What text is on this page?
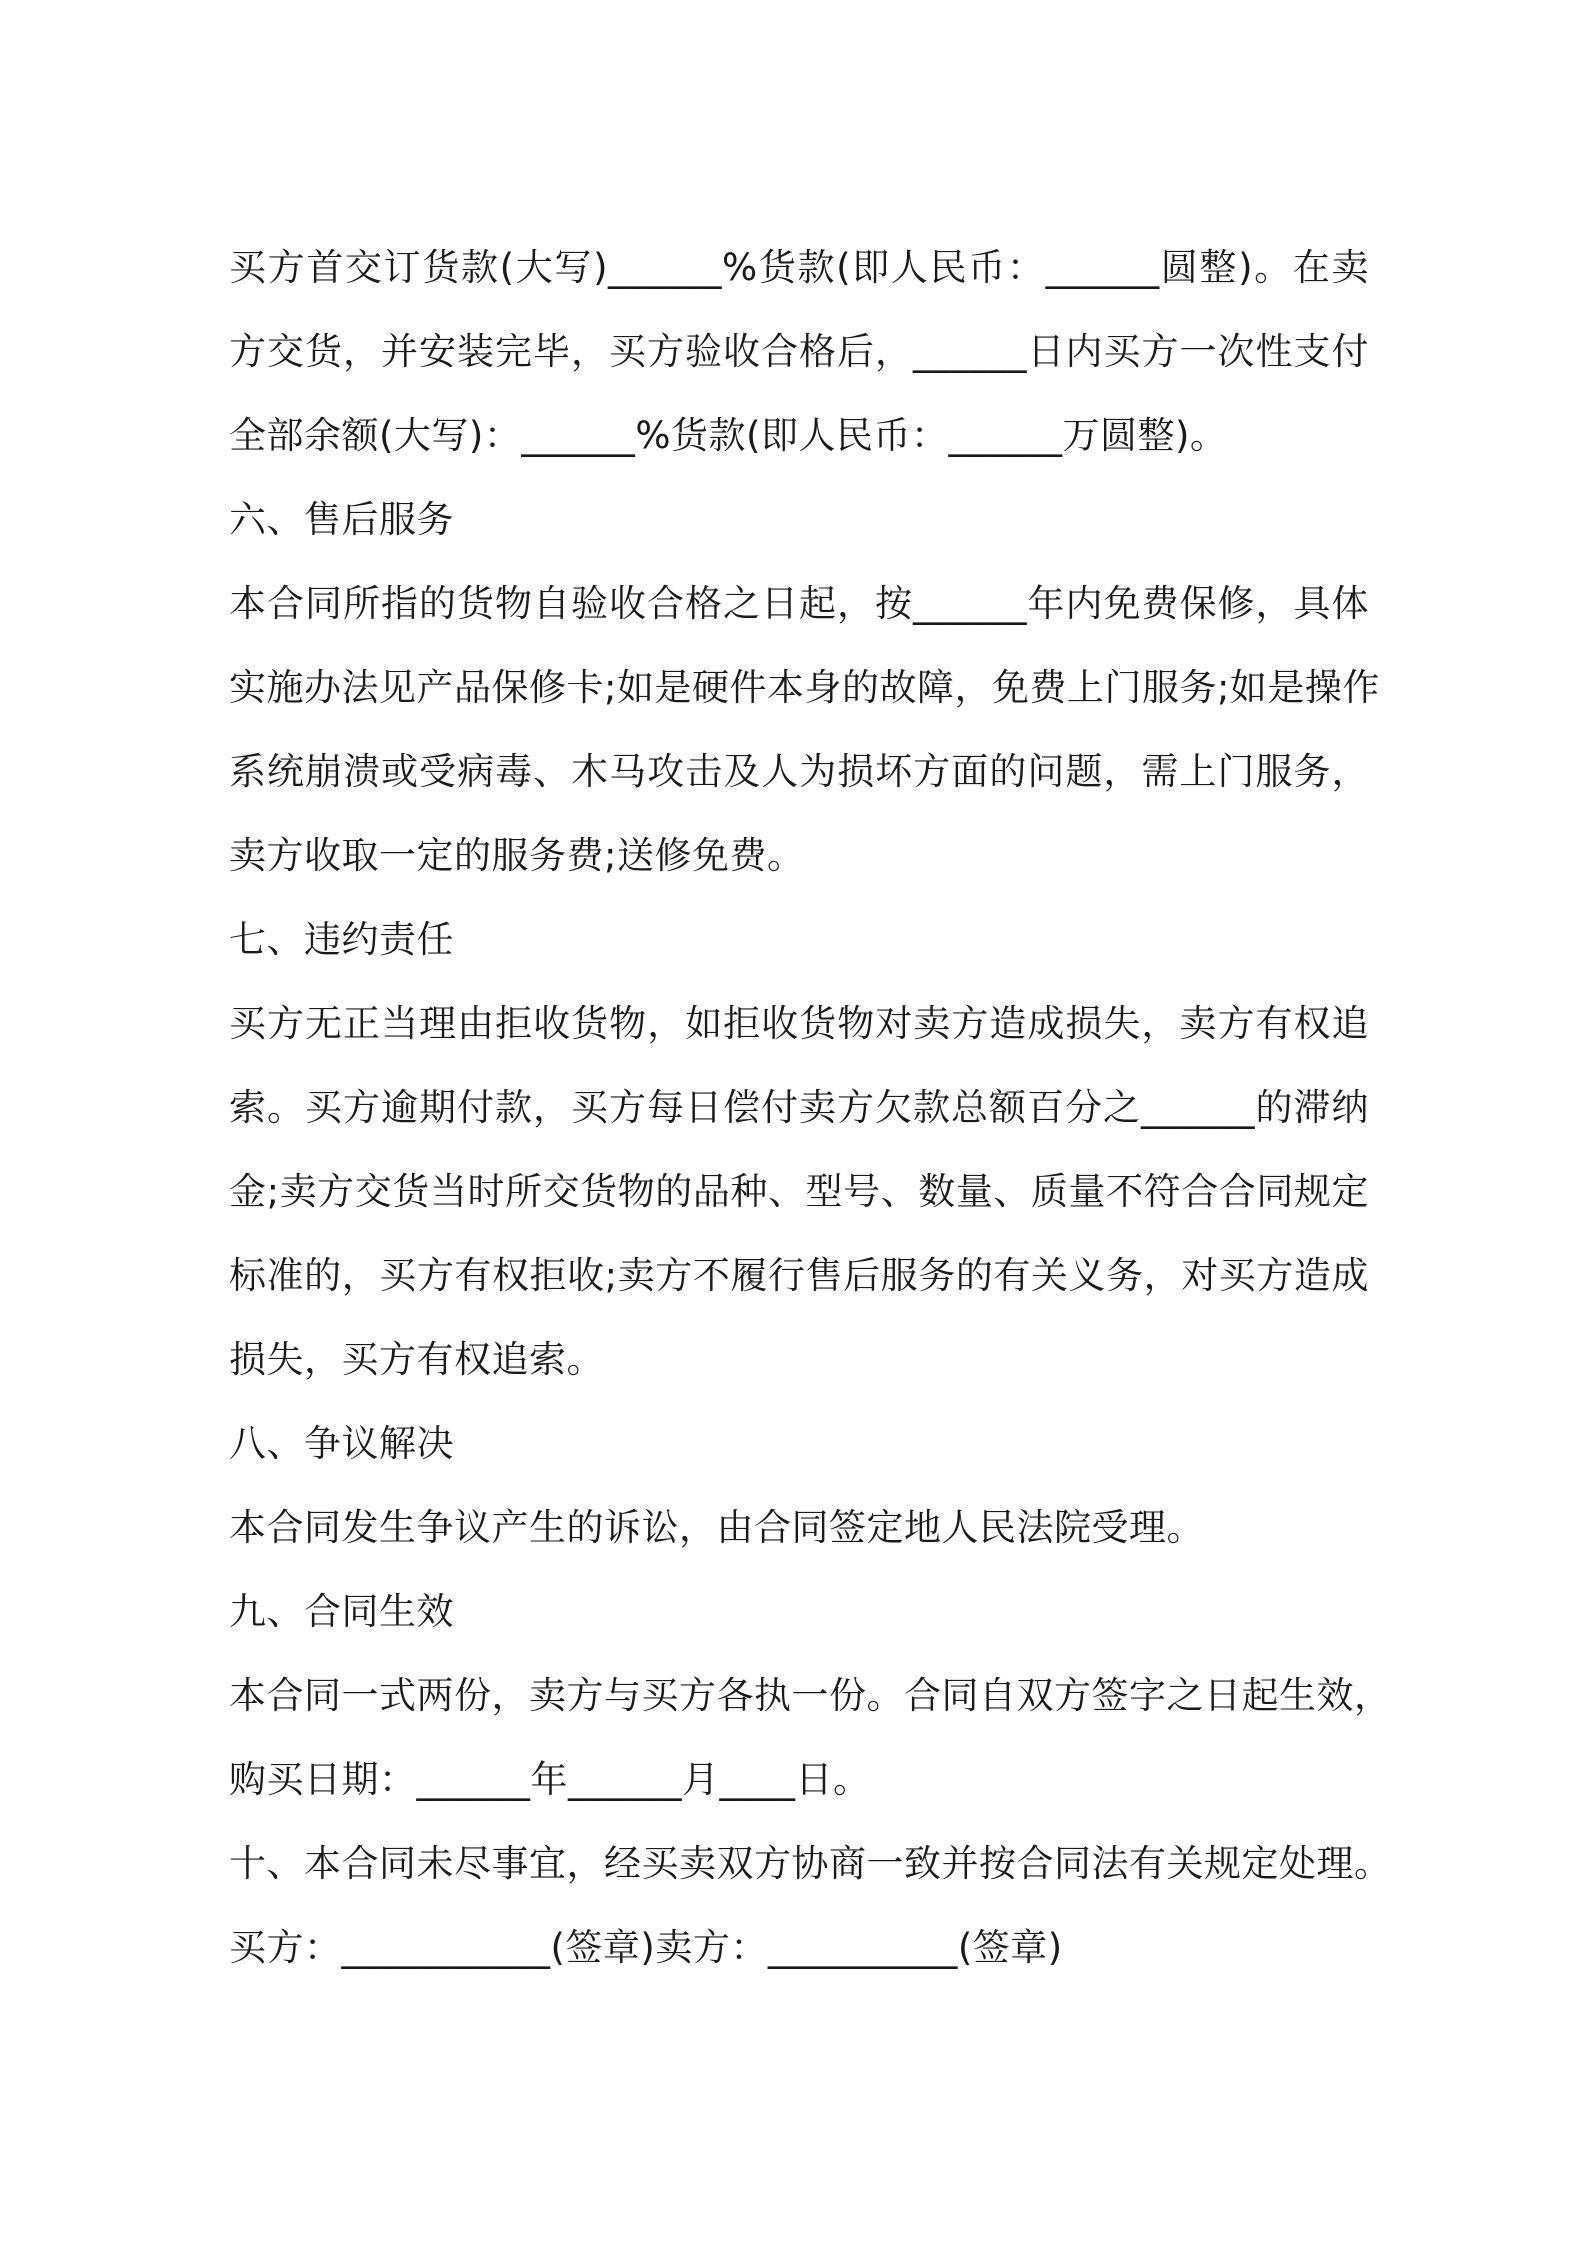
买方首交订货款(大写)______%货款(即人民币：______圆整)。在卖
方交货，并安装完毕，买方验收合格后，______日内买方一次性支付
全部余额(大写)：______%货款(即人民币：______万圆整)。
六、售后服务
本合同所指的货物自验收合格之日起，按______年内免费保修，具体
实施办法见产品保修卡;如是硬件本身的故障，免费上门服务;如是操作
系统崩溃或受病毒、木马攻击及人为损坏方面的问题，需上门服务，
卖方收取一定的服务费;送修免费。
七、违约责任
买方无正当理由拒收货物，如拒收货物对卖方造成损失，卖方有权追
索。买方逾期付款，买方每日偿付卖方欠款总额百分之______的滞纳
金;卖方交货当时所交货物的品种、型号、数量、质量不符合合同规定
标准的，买方有权拒收;卖方不履行售后服务的有关义务，对买方造成
损失，买方有权追索。
八、争议解决
本合同发生争议产生的诉讼，由合同签定地人民法院受理。
九、合同生效
本合同一式两份，卖方与买方各执一份。合同自双方签字之日起生效，
购买日期：______年______月____日。
十、本合同未尽事宜，经买卖双方协商一致并按合同法有关规定处理。
买方：___________(签章)卖方：__________(签章)
